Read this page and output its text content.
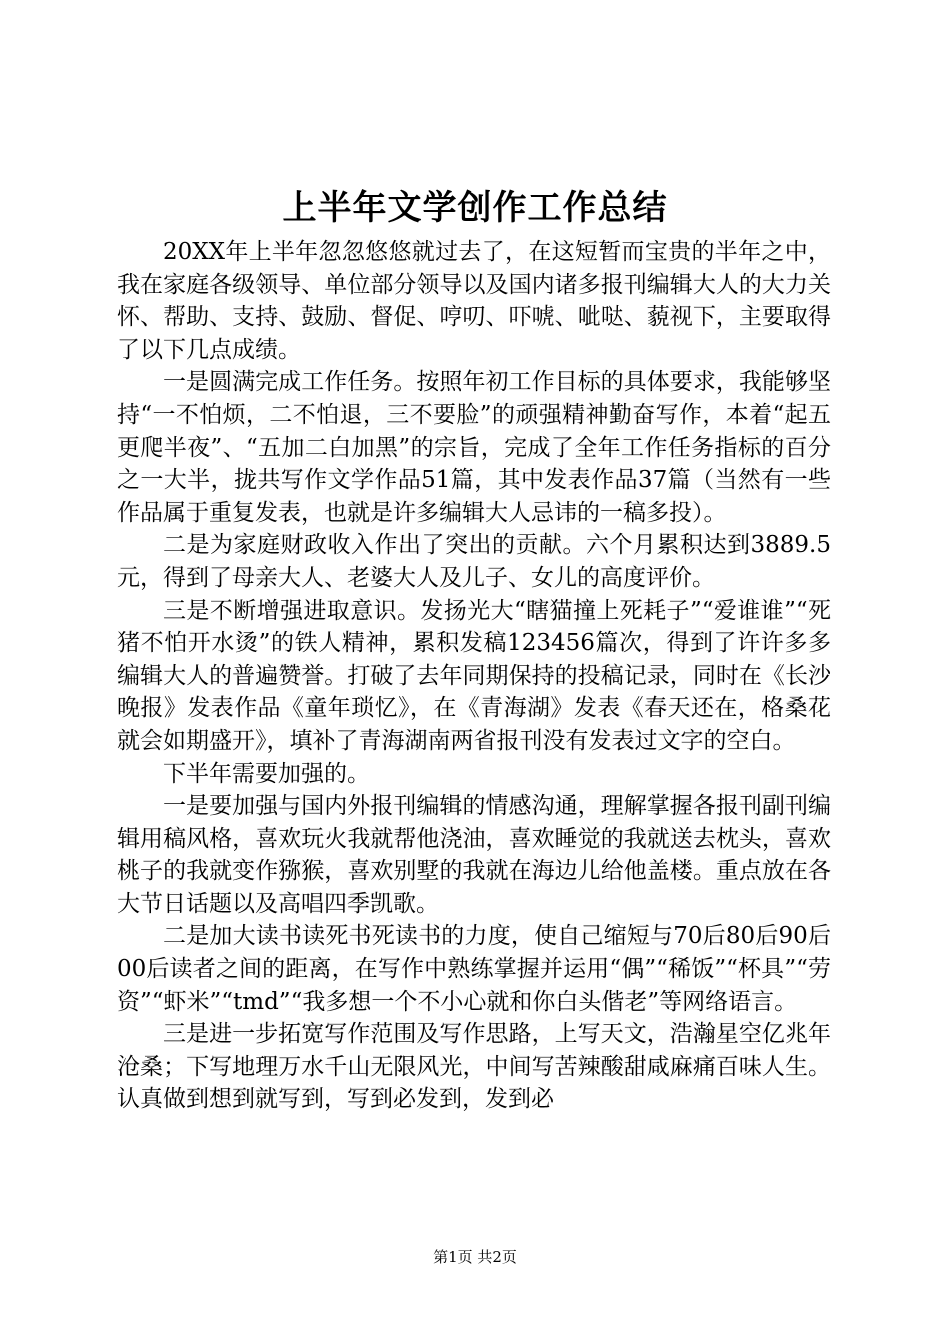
上半年文学创作工作总结

20XX年上半年忽忽悠悠就过去了，在这短暂而宝贵的半年之中，我在家庭各级领导、单位部分领导以及国内诸多报刊编辑大人的大力关怀、帮助、支持、鼓励、督促、哼叨、吓唬、呲哒、藐视下，主要取得了以下几点成绩。

一是圆满完成工作任务。按照年初工作目标的具体要求，我能够坚持“一不怕烦，二不怕退，三不要脸”的顽强精神勤奋写作，本着“起五更爬半夜”、“五加二白加黑”的宗旨，完成了全年工作任务指标的百分之一大半，拢共写作文学作品51篇，其中发表作品37篇（当然有一些作品属于重复发表，也就是许多编辑大人忌讳的一稿多投）。

二是为家庭财政收入作出了突出的贡献。六个月累积达到3889.5元，得到了母亲大人、老婆大人及儿子、女儿的高度评价。

三是不断增强进取意识。发扬光大“瞎猫撞上死耗子”“爱谁谁”“死猪不怕开水烫”的铁人精神，累积发稿123456篇次，得到了许许多多编辑大人的普遍赞誉。打破了去年同期保持的投稿记录，同时在《长沙晚报》发表作品《童年琐忆》，在《青海湖》发表《春天还在，格桑花就会如期盛开》，填补了青海湖南两省报刊没有发表过文字的空白。

下半年需要加强的。

一是要加强与国内外报刊编辑的情感沟通，理解掌握各报刊副刊编辑用稿风格，喜欢玩火我就帮他浇油，喜欢睡觉的我就送去枕头，喜欢桃子的我就变作猕猴，喜欢别墅的我就在海边儿给他盖楼。重点放在各大节日话题以及高唱四季凯歌。

二是加大读书读死书死读书的力度，使自己缩短与70后80后90后00后读者之间的距离，在写作中熟练掌握并运用“偶”“稀饭”“杯具”“劳资”“虾米”“tmd”“我多想一个不小心就和你白头偕老”等网络语言。

三是进一步拓宽写作范围及写作思路，上写天文，浩瀚星空亿兆年沧桑；下写地理万水千山无限风光，中间写苦辣酸甜咸麻痛百味人生。认真做到想到就写到，写到必发到，发到必

第1页 共2页
